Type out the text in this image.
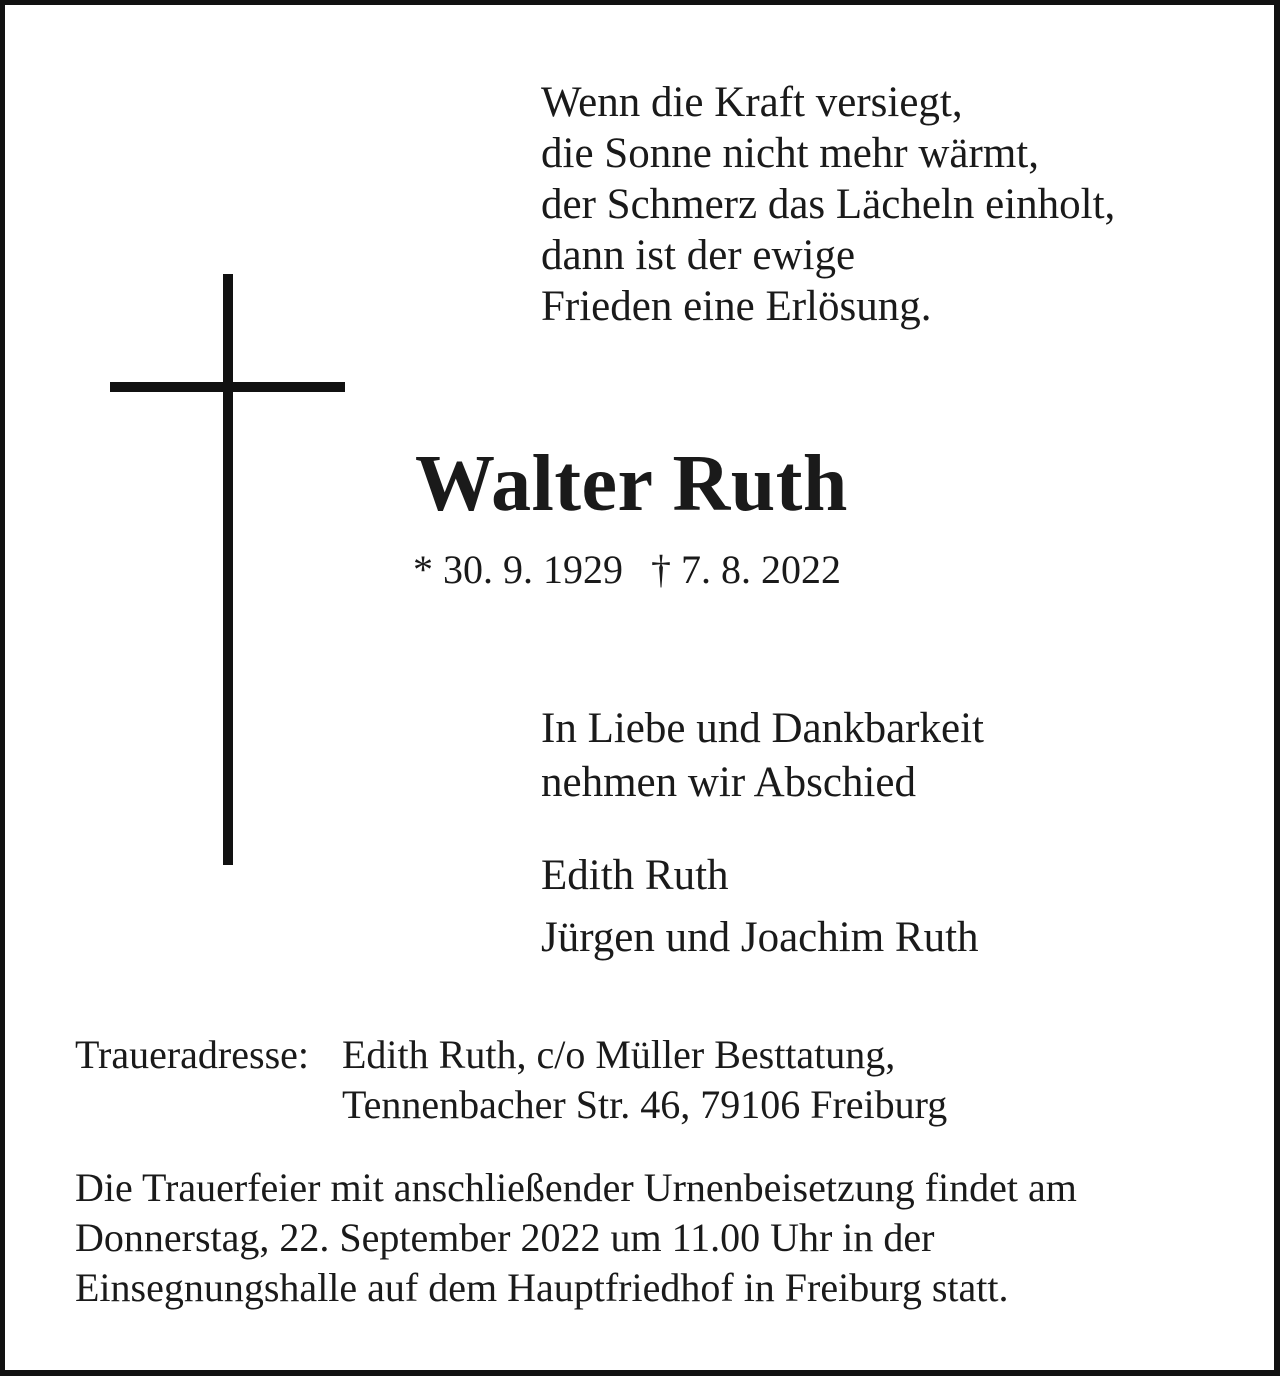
Wenn die Kraft versiegt,
die Sonne nicht mehr wärmt,
der Schmerz das Lächeln einholt,
dann ist der ewige
Frieden eine Erlösung.
Walter Ruth
* 30. 9. 1929 † 7. 8. 2022
In Liebe und Dankbarkeit
nehmen wir Abschied
Edith Ruth
Jürgen und Joachim Ruth
Traueradresse: Edith Ruth, c/o Müller Besttatung,
Tennenbacher Str. 46, 79106 Freiburg
Die Trauerfeier mit anschließender Urnenbeisetzung findet am
Donnerstag, 22. September 2022 um 11.00 Uhr in der
Einsegnungshalle auf dem Hauptfriedhof in Freiburg statt.
